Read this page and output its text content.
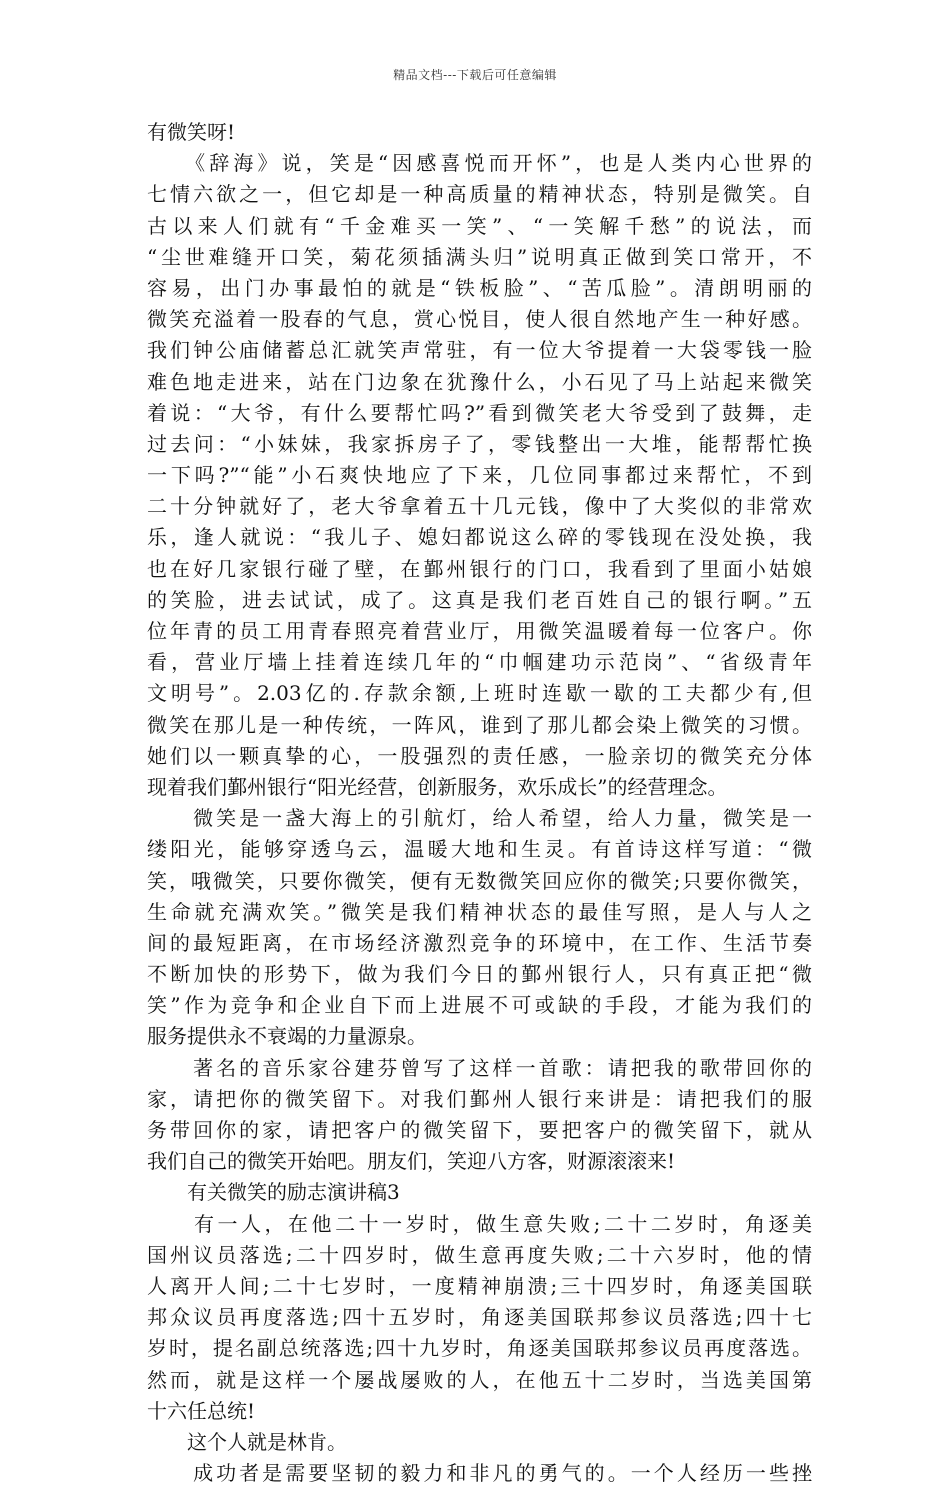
精品文档---下载后可任意编辑
有微笑呀!
　　《辞海》说，笑是“因感喜悦而开怀”，也是人类内心世界的
七情六欲之一，但它却是一种高质量的精神状态，特别是微笑。自
古以来人们就有“千金难买一笑”、“一笑解千愁”的说法，而
“尘世难缝开口笑，菊花须插满头归”说明真正做到笑口常开，不
容易，出门办事最怕的就是“铁板脸”、“苦瓜脸”。清朗明丽的
微笑充溢着一股春的气息，赏心悦目，使人很自然地产生一种好感。
我们钟公庙储蓄总汇就笑声常驻，有一位大爷提着一大袋零钱一脸
难色地走进来，站在门边象在犹豫什么，小石见了马上站起来微笑
着说：“大爷，有什么要帮忙吗?”看到微笑老大爷受到了鼓舞，走
过去问：“小妹妹，我家拆房子了，零钱整出一大堆，能帮帮忙换
一下吗?”“能”小石爽快地应了下来，几位同事都过来帮忙，不到
二十分钟就好了，老大爷拿着五十几元钱，像中了大奖似的非常欢
乐，逢人就说：“我儿子、媳妇都说这么碎的零钱现在没处换，我
也在好几家银行碰了壁，在鄞州银行的门口，我看到了里面小姑娘
的笑脸，进去试试，成了。这真是我们老百姓自己的银行啊。”五
位年青的员工用青春照亮着营业厅，用微笑温暖着每一位客户。你
看，营业厅墙上挂着连续几年的“巾帼建功示范岗”、“省级青年
文明号”。2.03亿的.存款余额,上班时连歇一歇的工夫都少有,但
微笑在那儿是一种传统，一阵风，谁到了那儿都会染上微笑的习惯。
她们以一颗真挚的心，一股强烈的责任感，一脸亲切的微笑充分体
现着我们鄞州银行“阳光经营，创新服务，欢乐成长”的经营理念。
　　微笑是一盏大海上的引航灯，给人希望，给人力量，微笑是一
缕阳光，能够穿透乌云，温暖大地和生灵。有首诗这样写道：“微
笑，哦微笑，只要你微笑，便有无数微笑回应你的微笑;只要你微笑，
生命就充满欢笑。”微笑是我们精神状态的最佳写照，是人与人之
间的最短距离，在市场经济激烈竞争的环境中，在工作、生活节奏
不断加快的形势下，做为我们今日的鄞州银行人，只有真正把“微
笑”作为竞争和企业自下而上进展不可或缺的手段，才能为我们的
服务提供永不衰竭的力量源泉。
　　著名的音乐家谷建芬曾写了这样一首歌：请把我的歌带回你的
家，请把你的微笑留下。对我们鄞州人银行来讲是：请把我们的服
务带回你的家，请把客户的微笑留下，要把客户的微笑留下，就从
我们自己的微笑开始吧。朋友们，笑迎八方客，财源滚滚来!
　　有关微笑的励志演讲稿3
　　有一人，在他二十一岁时，做生意失败;二十二岁时，角逐美
国州议员落选;二十四岁时，做生意再度失败;二十六岁时，他的情
人离开人间;二十七岁时，一度精神崩溃;三十四岁时，角逐美国联
邦众议员再度落选;四十五岁时，角逐美国联邦参议员落选;四十七
岁时，提名副总统落选;四十九岁时，角逐美国联邦参议员再度落选。
然而，就是这样一个屡战屡败的人，在他五十二岁时，当选美国第
十六任总统!
　　这个人就是林肯。
　　成功者是需要坚韧的毅力和非凡的勇气的。一个人经历一些挫
